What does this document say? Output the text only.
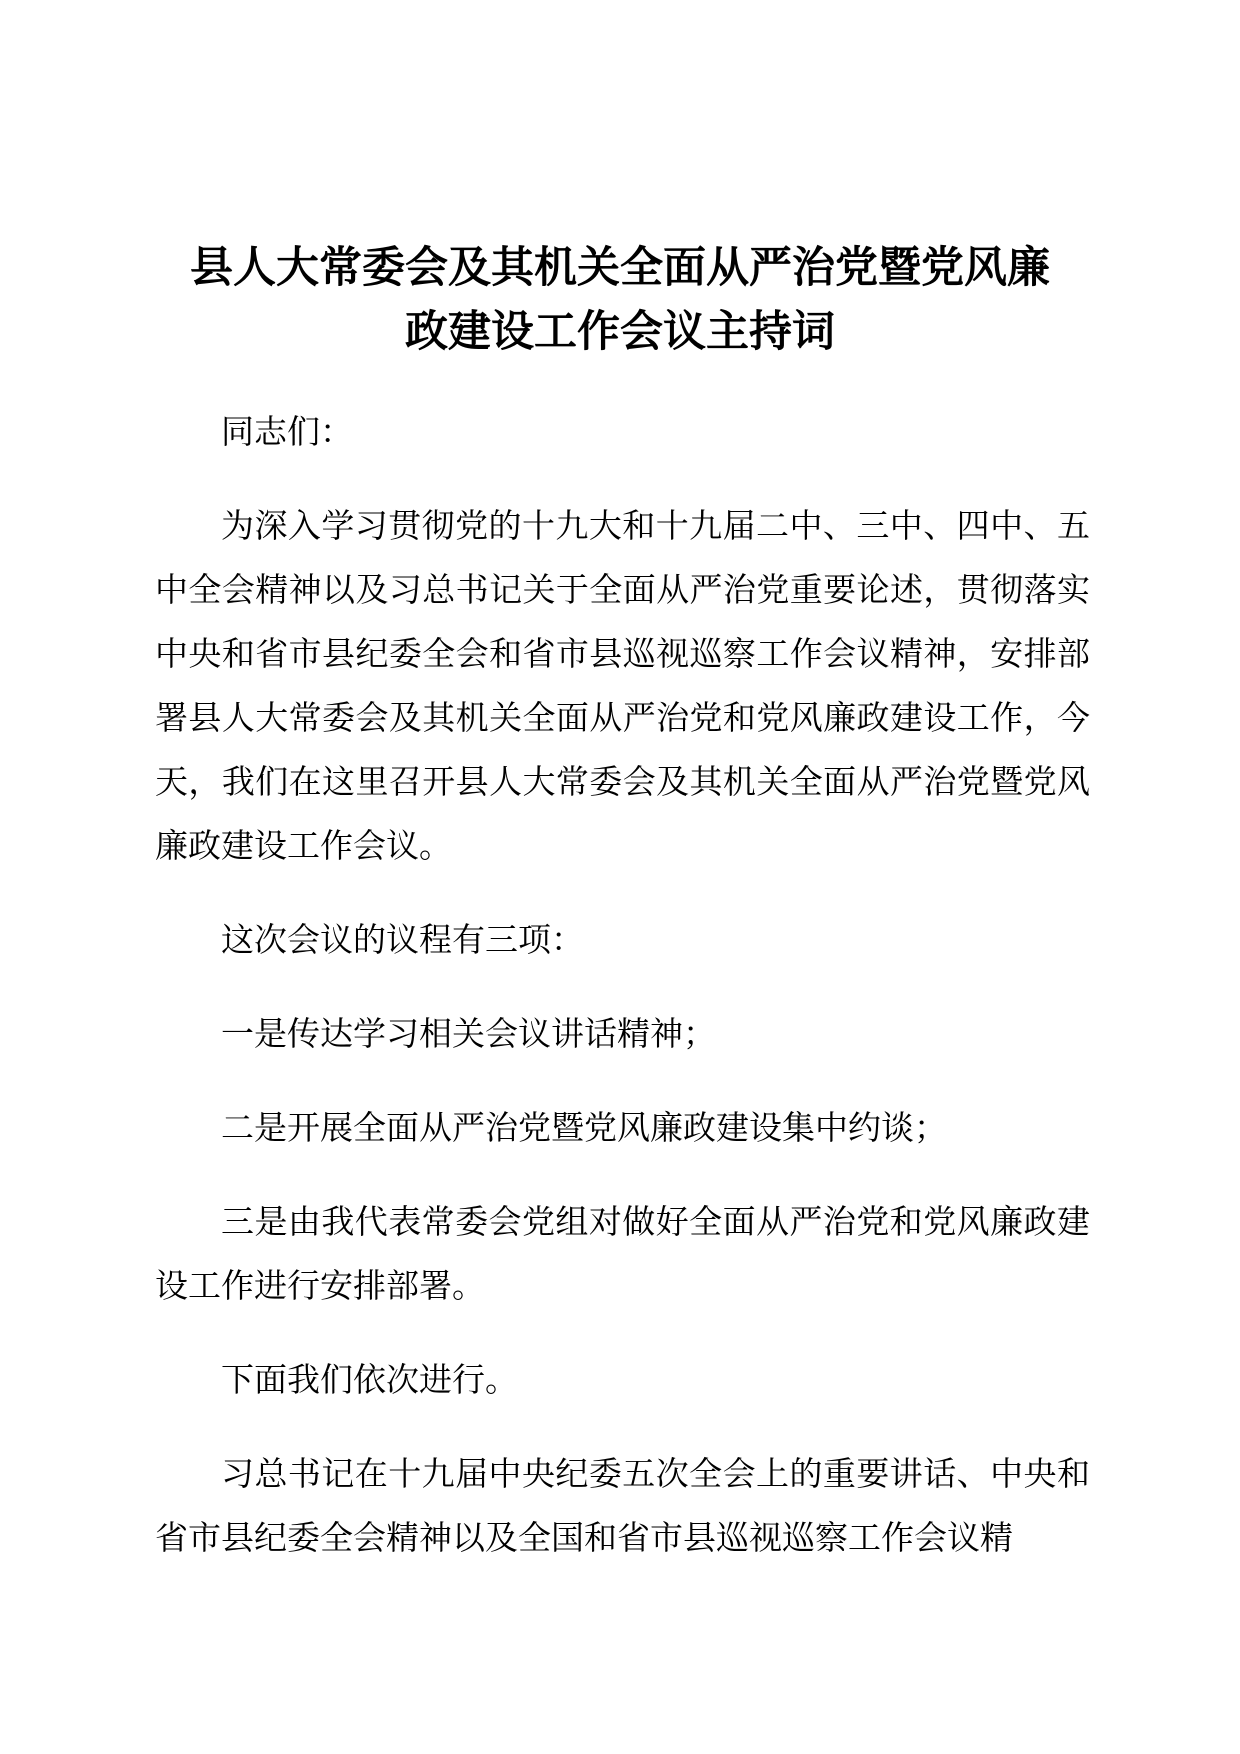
县人大常委会及其机关全面从严治党暨党风廉
政建设工作会议主持词

同志们：

为深入学习贯彻党的十九大和十九届二中、三中、四中、五中全会精神以及习总书记关于全面从严治党重要论述，贯彻落实中央和省市县纪委全会和省市县巡视巡察工作会议精神，安排部署县人大常委会及其机关全面从严治党和党风廉政建设工作，今天，我们在这里召开县人大常委会及其机关全面从严治党暨党风廉政建设工作会议。

这次会议的议程有三项：

一是传达学习相关会议讲话精神；

二是开展全面从严治党暨党风廉政建设集中约谈；

三是由我代表常委会党组对做好全面从严治党和党风廉政建设工作进行安排部署。

下面我们依次进行。

习总书记在十九届中央纪委五次全会上的重要讲话、中央和省市县纪委全会精神以及全国和省市县巡视巡察工作会议精
